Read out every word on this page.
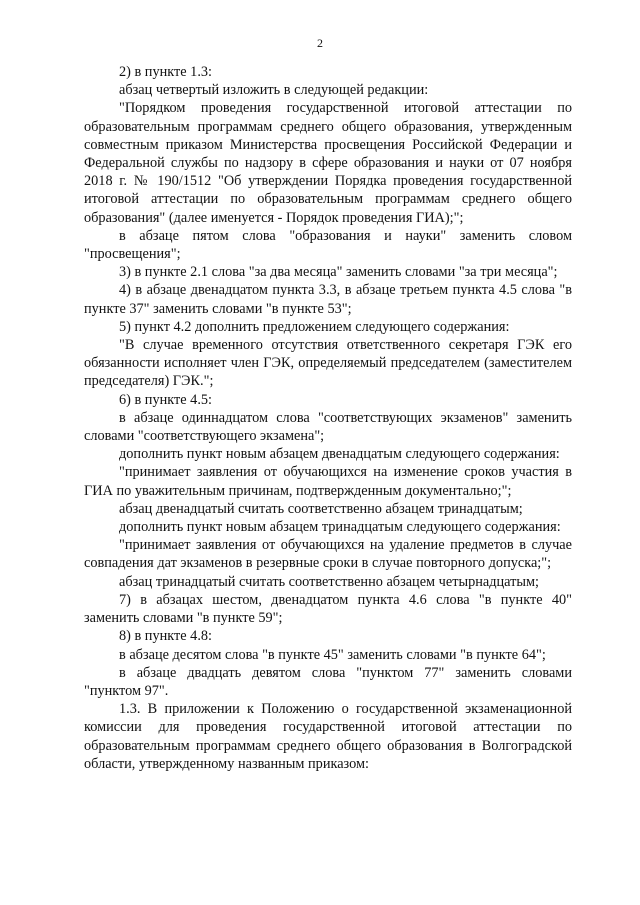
2

2) в пункте 1.3:

абзац четвертый изложить в следующей редакции:

"Порядком проведения государственной итоговой аттестации по образовательным программам среднего общего образования, утвержденным совместным приказом Министерства просвещения Российской Федерации и Федеральной службы по надзору в сфере образования и науки от 07 ноября 2018 г. № 190/1512 "Об утверждении Порядка проведения государственной итоговой аттестации по образовательным программам среднего общего образования" (далее именуется - Порядок проведения ГИА);";

в абзаце пятом слова "образования и науки" заменить словом "просвещения";

3) в пункте 2.1 слова "за два месяца" заменить словами "за три месяца";

4) в абзаце двенадцатом пункта 3.3, в абзаце третьем пункта 4.5 слова "в пункте 37" заменить словами "в пункте 53";

5) пункт 4.2 дополнить предложением следующего содержания:

"В случае временного отсутствия ответственного секретаря ГЭК его обязанности исполняет член ГЭК, определяемый председателем (заместителем председателя) ГЭК.";

6) в пункте 4.5:

в абзаце одиннадцатом слова "соответствующих экзаменов" заменить словами "соответствующего экзамена";

дополнить пункт новым абзацем двенадцатым следующего содержания:

"принимает заявления от обучающихся на изменение сроков участия в ГИА по уважительным причинам, подтвержденным документально;";

абзац двенадцатый считать соответственно абзацем тринадцатым;

дополнить пункт новым абзацем тринадцатым следующего содержания:

"принимает заявления от обучающихся на удаление предметов в случае совпадения дат экзаменов в резервные сроки в случае повторного допуска;";

абзац тринадцатый считать соответственно абзацем четырнадцатым;

7) в абзацах шестом, двенадцатом пункта 4.6 слова "в пункте 40" заменить словами "в пункте 59";

8) в пункте 4.8:

в абзаце десятом слова "в пункте 45" заменить словами "в пункте 64";

в абзаце двадцать девятом слова "пунктом 77" заменить словами "пунктом 97".

1.3. В приложении к Положению о государственной экзаменационной комиссии для проведения государственной итоговой аттестации по образовательным программам среднего общего образования в Волгоградской области, утвержденному названным приказом:
